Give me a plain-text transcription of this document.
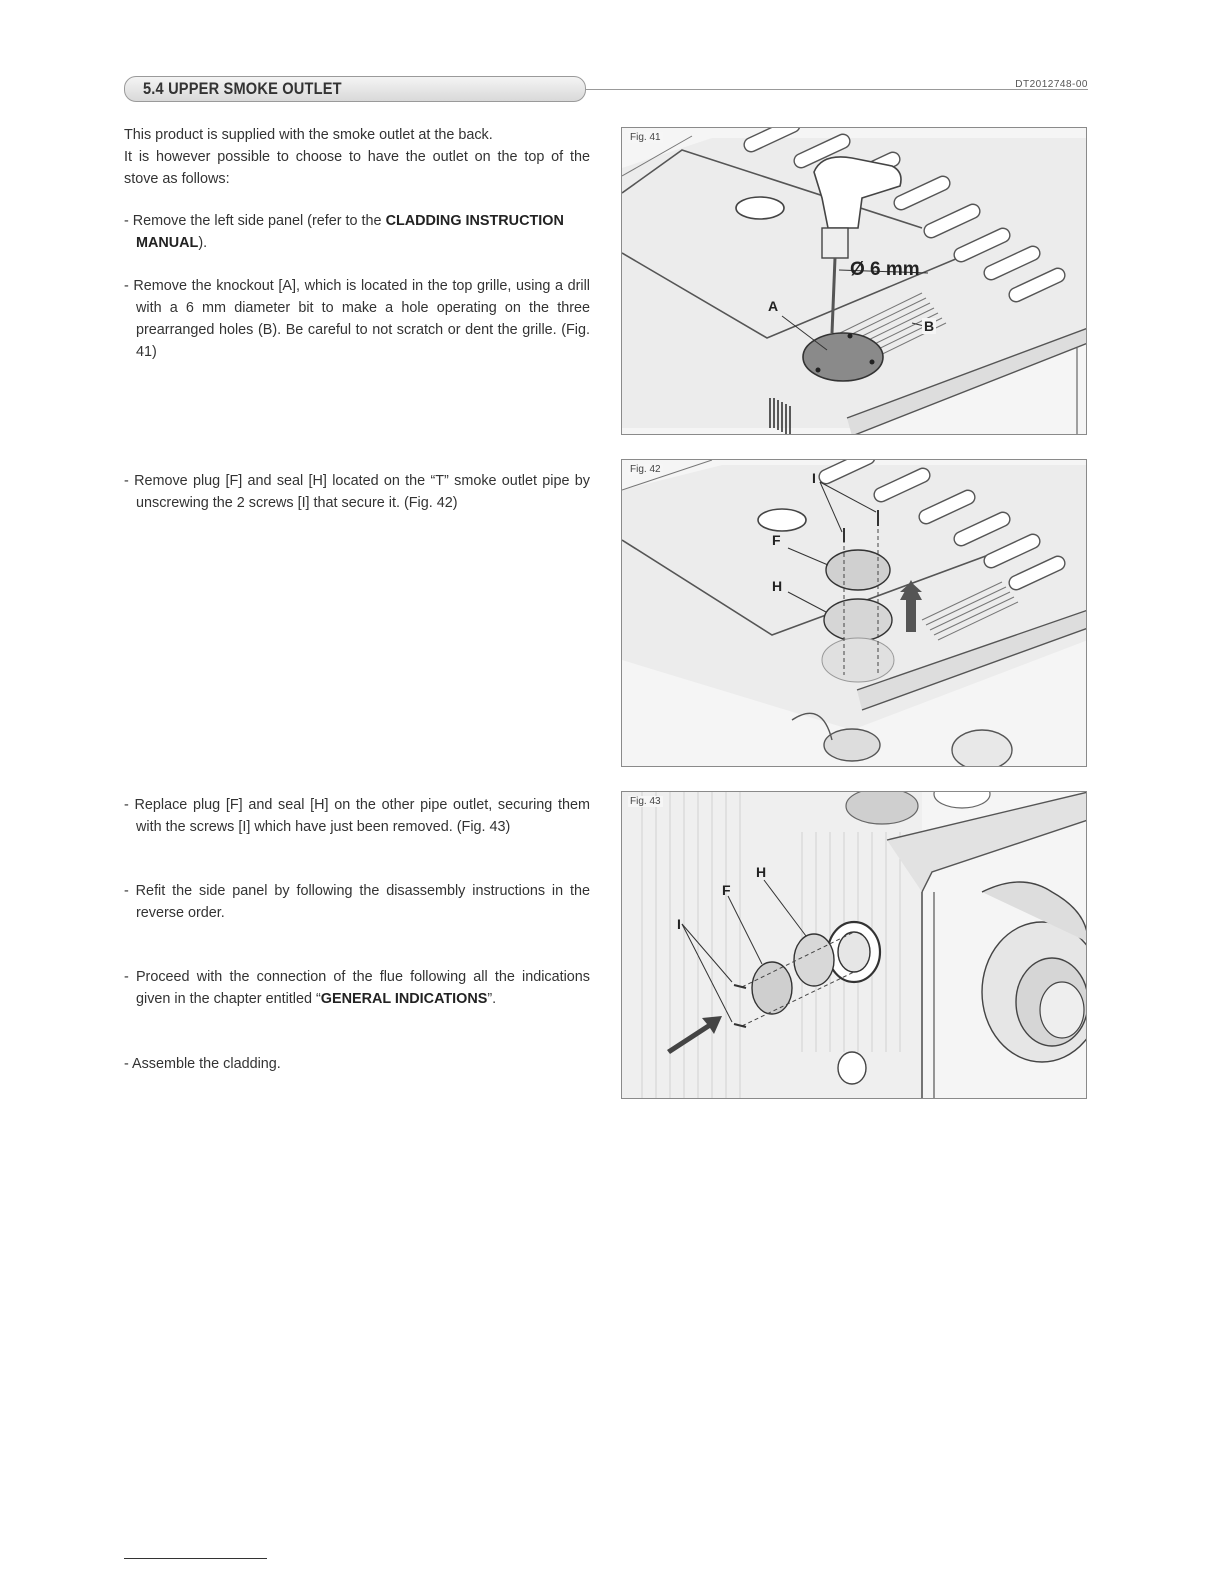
5.4 UPPER SMOKE OUTLET	DT2012748-00

This product is supplied with the smoke outlet at the back.

It is however possible to choose to have the outlet on the top of the

stove as follows:

- Remove the left side panel (refer to the CLADDING INSTRUCTION
MANUAL).

- Remove the knockout [A], which is located in the top grille, using a drill with a 6 mm diameter bit to make a hole operating on the three prearranged holes (B). Be careful to not scratch or dent the grille. (Fig. 41)

- Remove plug [F] and seal [H] located on the “T” smoke outlet pipe by unscrewing the 2 screws [I] that secure it. (Fig. 42)

- Replace plug [F] and seal [H] on the other pipe outlet, securing them with the screws [I] which have just been removed. (Fig. 43)

- Refit the side panel by following the disassembly instructions in the reverse order.

- Proceed with the connection of the flue following all the indications given in the chapter entitled “GENERAL INDICATIONS”.

- Assemble the cladding.

Fig. 41
Ø 6 mm
A
B
Fig. 42
I
F
H
Fig. 43
I
F
H
